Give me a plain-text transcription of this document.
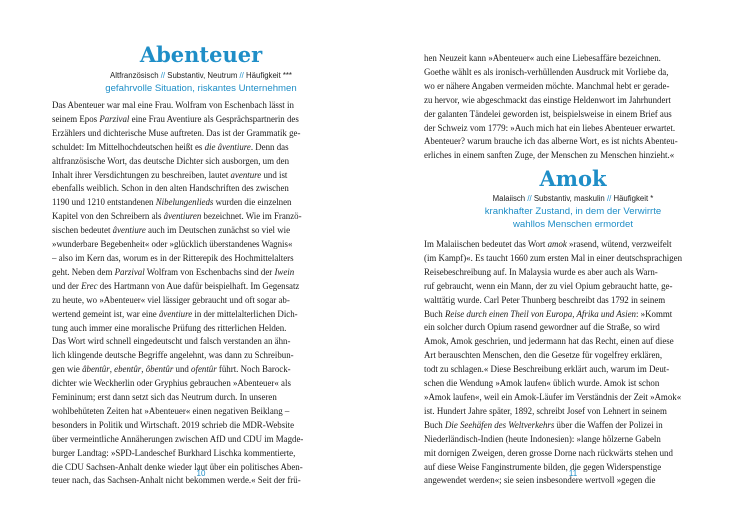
Abenteuer

Altfranzösisch // Substantiv, Neutrum // Häufigkeit ***

gefahrvolle Situation, riskantes Unternehmen

Das Abenteuer war mal eine Frau. Wolfram von Eschenbach lässt in
seinem Epos Parzival eine Frau Aventiure als Gesprächspartnerin des
Erzählers und dichterische Muse auftreten. Das ist der Grammatik ge-
schuldet: Im Mittelhochdeutschen heißt es die âventiure. Denn das
altfranzösische Wort, das deutsche Dichter sich ausborgen, um den
Inhalt ihrer Versdichtungen zu beschreiben, lautet aventure und ist
ebenfalls weiblich. Schon in den alten Handschriften des zwischen
1190 und 1210 entstandenen Nibelungenlieds wurden die einzelnen
Kapitel von den Schreibern als âventiuren bezeichnet. Wie im Franzö-
sischen bedeutet âventiure auch im Deutschen zunächst so viel wie
»wunderbare Begebenheit« oder »glücklich überstandenes Wagnis«
– also im Kern das, worum es in der Ritterepik des Hochmittelalters
geht. Neben dem Parzival Wolfram von Eschenbachs sind der Iwein
und der Erec des Hartmann von Aue dafür beispielhaft. Im Gegensatz
zu heute, wo »Abenteuer« viel lässiger gebraucht und oft sogar ab-
wertend gemeint ist, war eine âventiure in der mittelalterlichen Dich-
tung auch immer eine moralische Prüfung des ritterlichen Helden.
Das Wort wird schnell eingedeutscht und falsch verstanden an ähn-
lich klingende deutsche Begriffe angelehnt, was dann zu Schreibun-
gen wie âbentûr, ebentûr, ôbentûr und ofentûr führt. Noch Barock-
dichter wie Weckherlin oder Gryphius gebrauchen »Abenteuer« als
Femininum; erst dann setzt sich das Neutrum durch. In unseren
wohlbehüteten Zeiten hat »Abenteuer« einen negativen Beiklang –
besonders in Politik und Wirtschaft. 2019 schrieb die MDR-Website
über vermeintliche Annäherungen zwischen AfD und CDU im Magde-
burger Landtag: »SPD-Landeschef Burkhard Lischka kommentierte,
die CDU Sachsen-Anhalt denke wieder laut über ein politisches Aben-
teuer nach, das Sachsen-Anhalt nicht bekommen werde.« Seit der frü-
10
hen Neuzeit kann »Abenteuer« auch eine Liebesaffäre bezeichnen.
Goethe wählt es als ironisch-verhüllenden Ausdruck mit Vorliebe da,
wo er nähere Angaben vermeiden möchte. Manchmal hebt er gerade-
zu hervor, wie abgeschmackt das einstige Heldenwort im Jahrhundert
der galanten Tändelei geworden ist, beispielsweise in einem Brief aus
der Schweiz vom 1779: »Auch mich hat ein liebes Abenteuer erwartet.
Abenteuer? warum brauche ich das alberne Wort, es ist nichts Abenteu-
erliches in einem sanften Zuge, der Menschen zu Menschen hinzieht.«
Amok

Malaiisch // Substantiv, maskulin // Häufigkeit *

krankhafter Zustand, in dem der Verwirrte
wahllos Menschen ermordet
Im Malaiischen bedeutet das Wort amok »rasend, wütend, verzweifelt
(im Kampf)«. Es taucht 1660 zum ersten Mal in einer deutschsprachigen
Reisebeschreibung auf. In Malaysia wurde es aber auch als Warn-
ruf gebraucht, wenn ein Mann, der zu viel Opium gebraucht hatte, ge-
walttätig wurde. Carl Peter Thunberg beschreibt das 1792 in seinem
Buch Reise durch einen Theil von Europa, Afrika und Asien: »Kommt
ein solcher durch Opium rasend gewordner auf die Straße, so wird
Amok, Amok geschrien, und jedermann hat das Recht, einen auf diese
Art berauschten Menschen, den die Gesetze für vogelfrey erklären,
todt zu schlagen.« Diese Beschreibung erklärt auch, warum im Deut-
schen die Wendung »Amok laufen« üblich wurde. Amok ist schon
»Amok laufen«, weil ein Amok-Läufer im Verständnis der Zeit »Amok«
ist. Hundert Jahre später, 1892, schreibt Josef von Lehnert in seinem
Buch Die Seehäfen des Weltverkehrs über die Waffen der Polizei in
Niederländisch-Indien (heute Indonesien): »lange hölzerne Gabeln
mit dornigen Zweigen, deren grosse Dorne nach rückwärts stehen und
auf diese Weise Fanginstrumente bilden, die gegen Widerspenstige
angewendet werden«; sie seien insbesondere wertvoll »gegen die
11
